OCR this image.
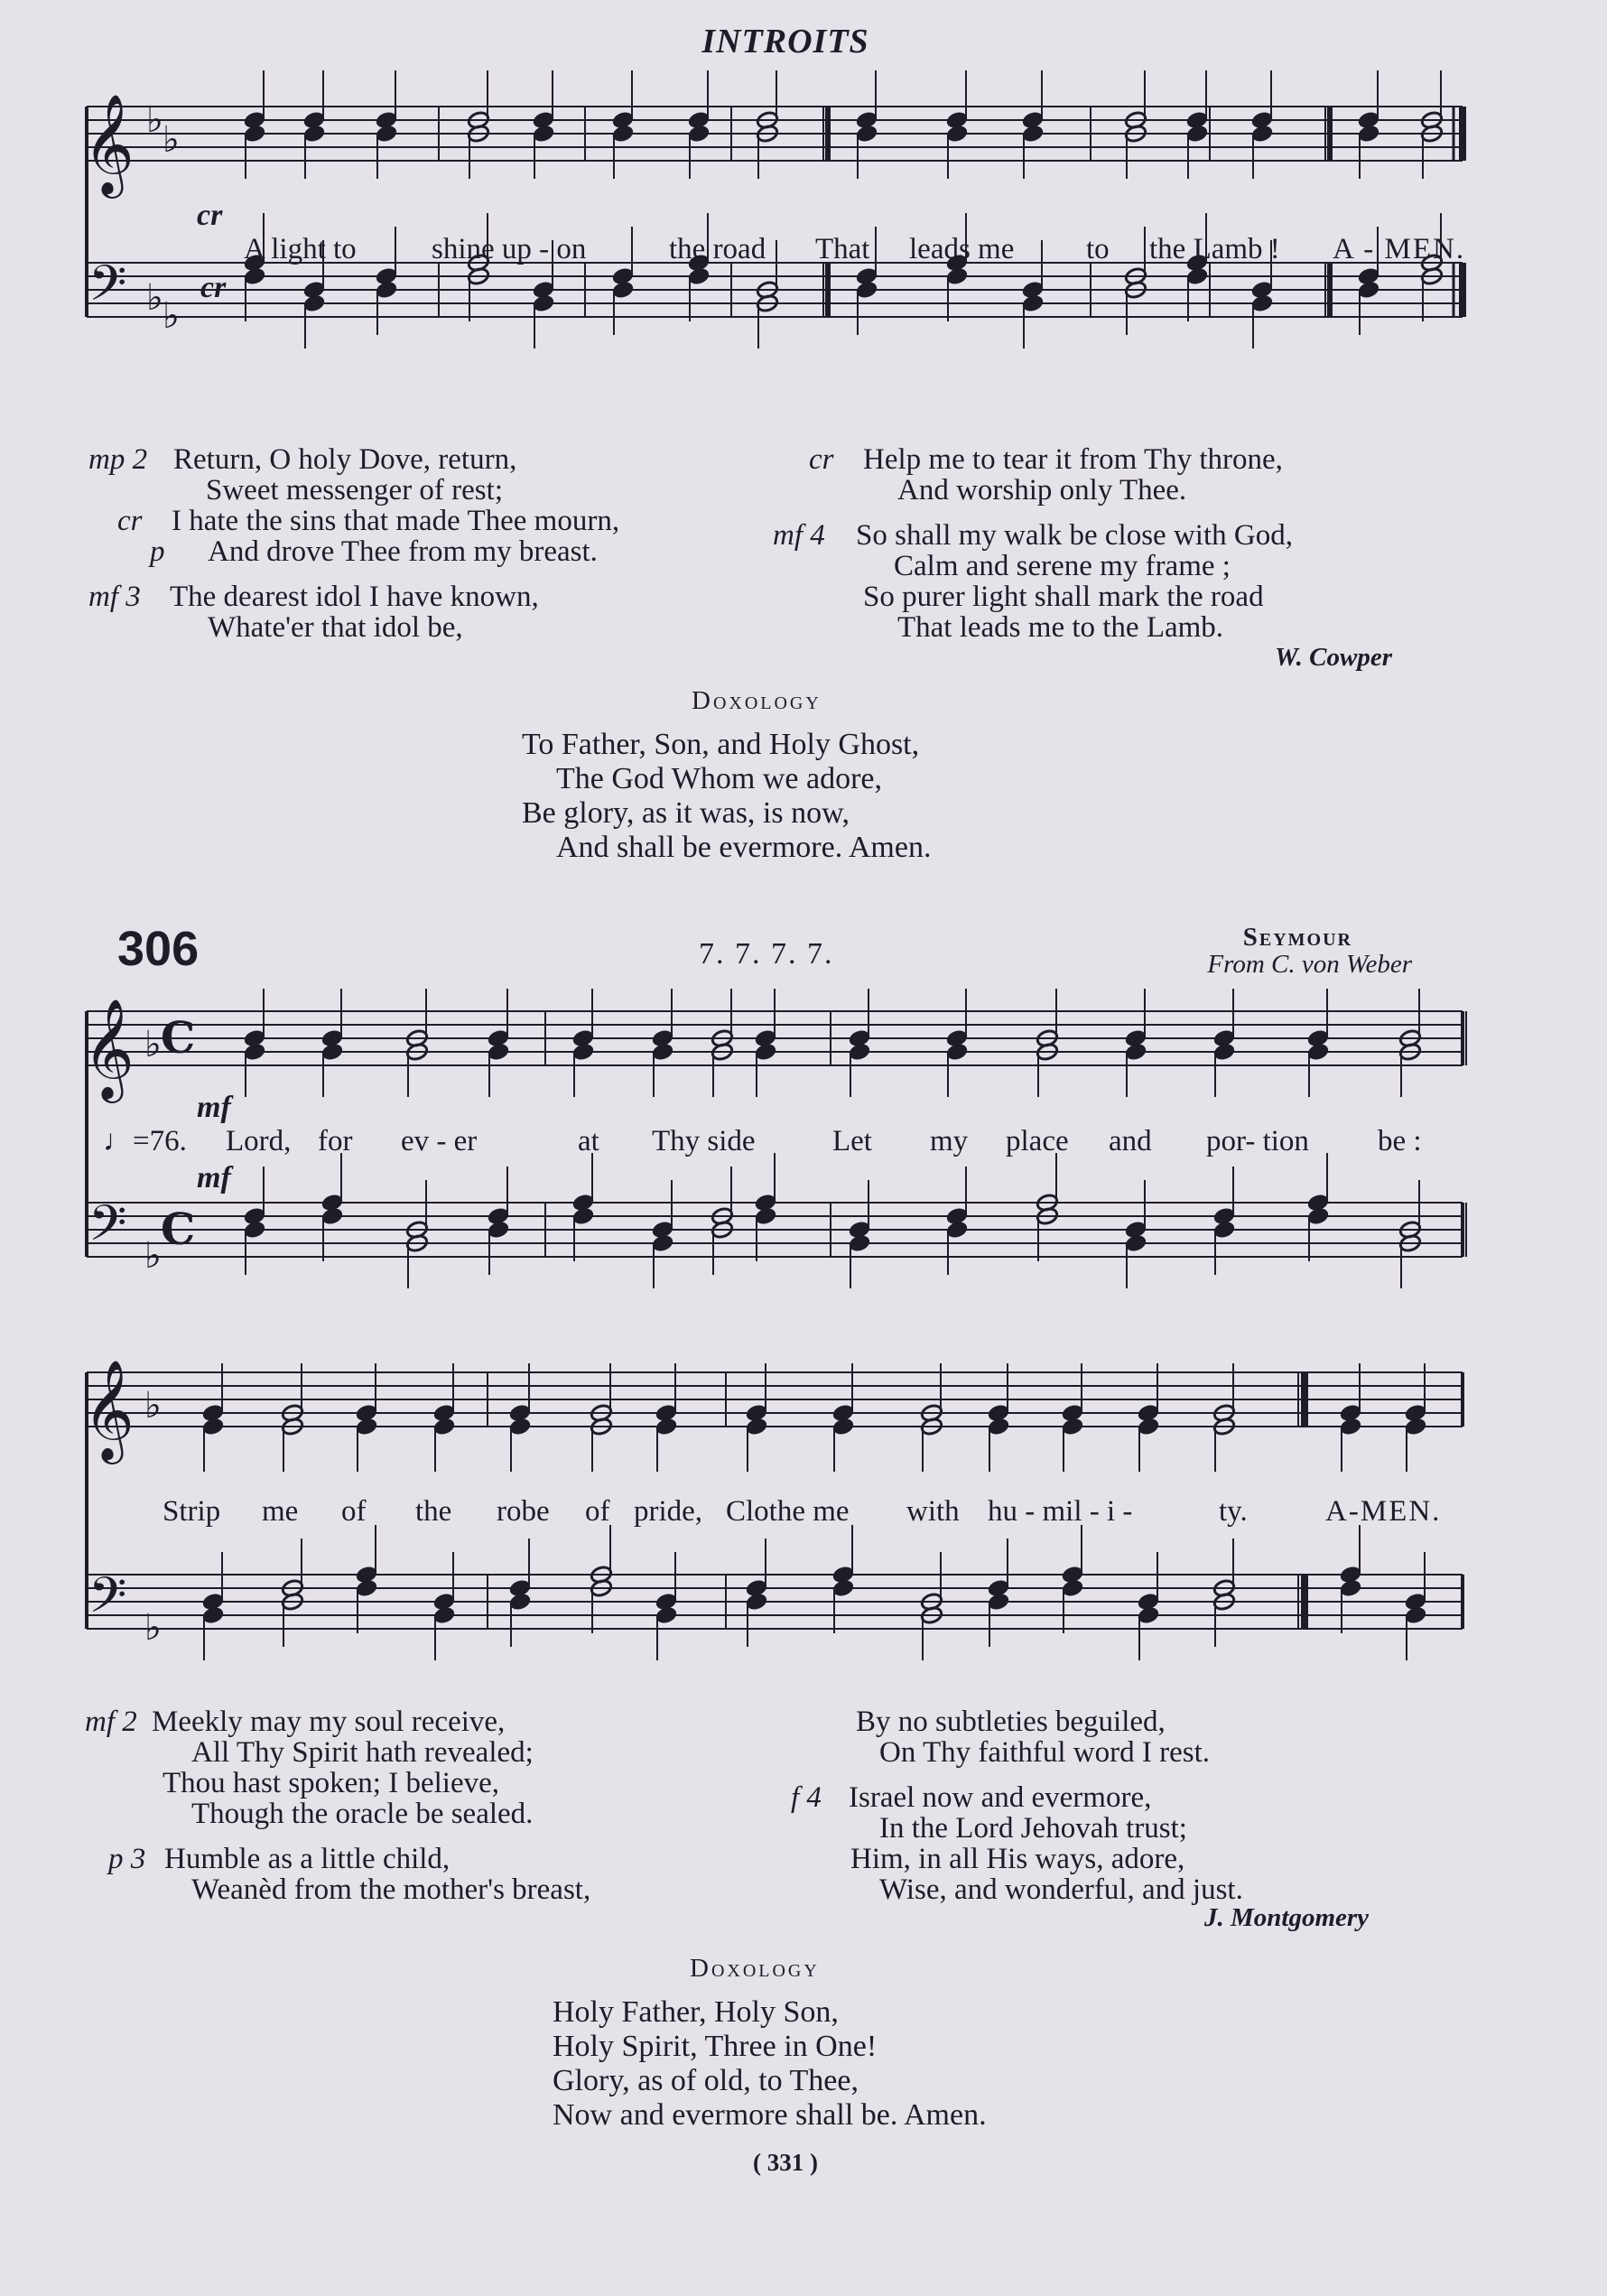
INTROITS
𝄞
𝄢
♭ ♭
♭ ♭
cr
cr
A light to	shine up - on	the road That leads me to the Lamb ! A - MEN.
mp 2 Return, O holy Dove, return,
Sweet messenger of rest;
cr I hate the sins that made Thee mourn,
p And drove Thee from my breast.
mf 3 The dearest idol I have known,
Whate'er that idol be,
cr Help me to tear it from Thy throne,
And worship only Thee.
mf 4 So shall my walk be close with God,
Calm and serene my frame ;
So purer light shall mark the road
That leads me to the Lamb.
W. Cowper
Doxology
To Father, Son, and Holy Ghost,
The God Whom we adore,
Be glory, as it was, is now,
And shall be evermore. Amen.
306	7. 7. 7. 7.	Seymour
From C. von Weber
𝄞
𝄢
♭
♭
C
C
𝄞
𝄢
♭
♭
mf
mf
♩=76. Lord, for ev - er	at Thy side	Let my place and por- tion be :
Strip me of the robe of pride, Clothe me with hu - mil - i -	ty.	A-MEN.
mf 2 Meekly may my soul receive,
All Thy Spirit hath revealed;
Thou hast spoken; I believe,
Though the oracle be sealed.
p 3 Humble as a little child,
Weanèd from the mother's breast,
By no subtleties beguiled,
On Thy faithful word I rest.
f 4 Israel now and evermore,
In the Lord Jehovah trust;
Him, in all His ways, adore,
Wise, and wonderful, and just.
J. Montgomery
Doxology
Holy Father, Holy Son,
Holy Spirit, Three in One!
Glory, as of old, to Thee,
Now and evermore shall be. Amen.
( 331 )
